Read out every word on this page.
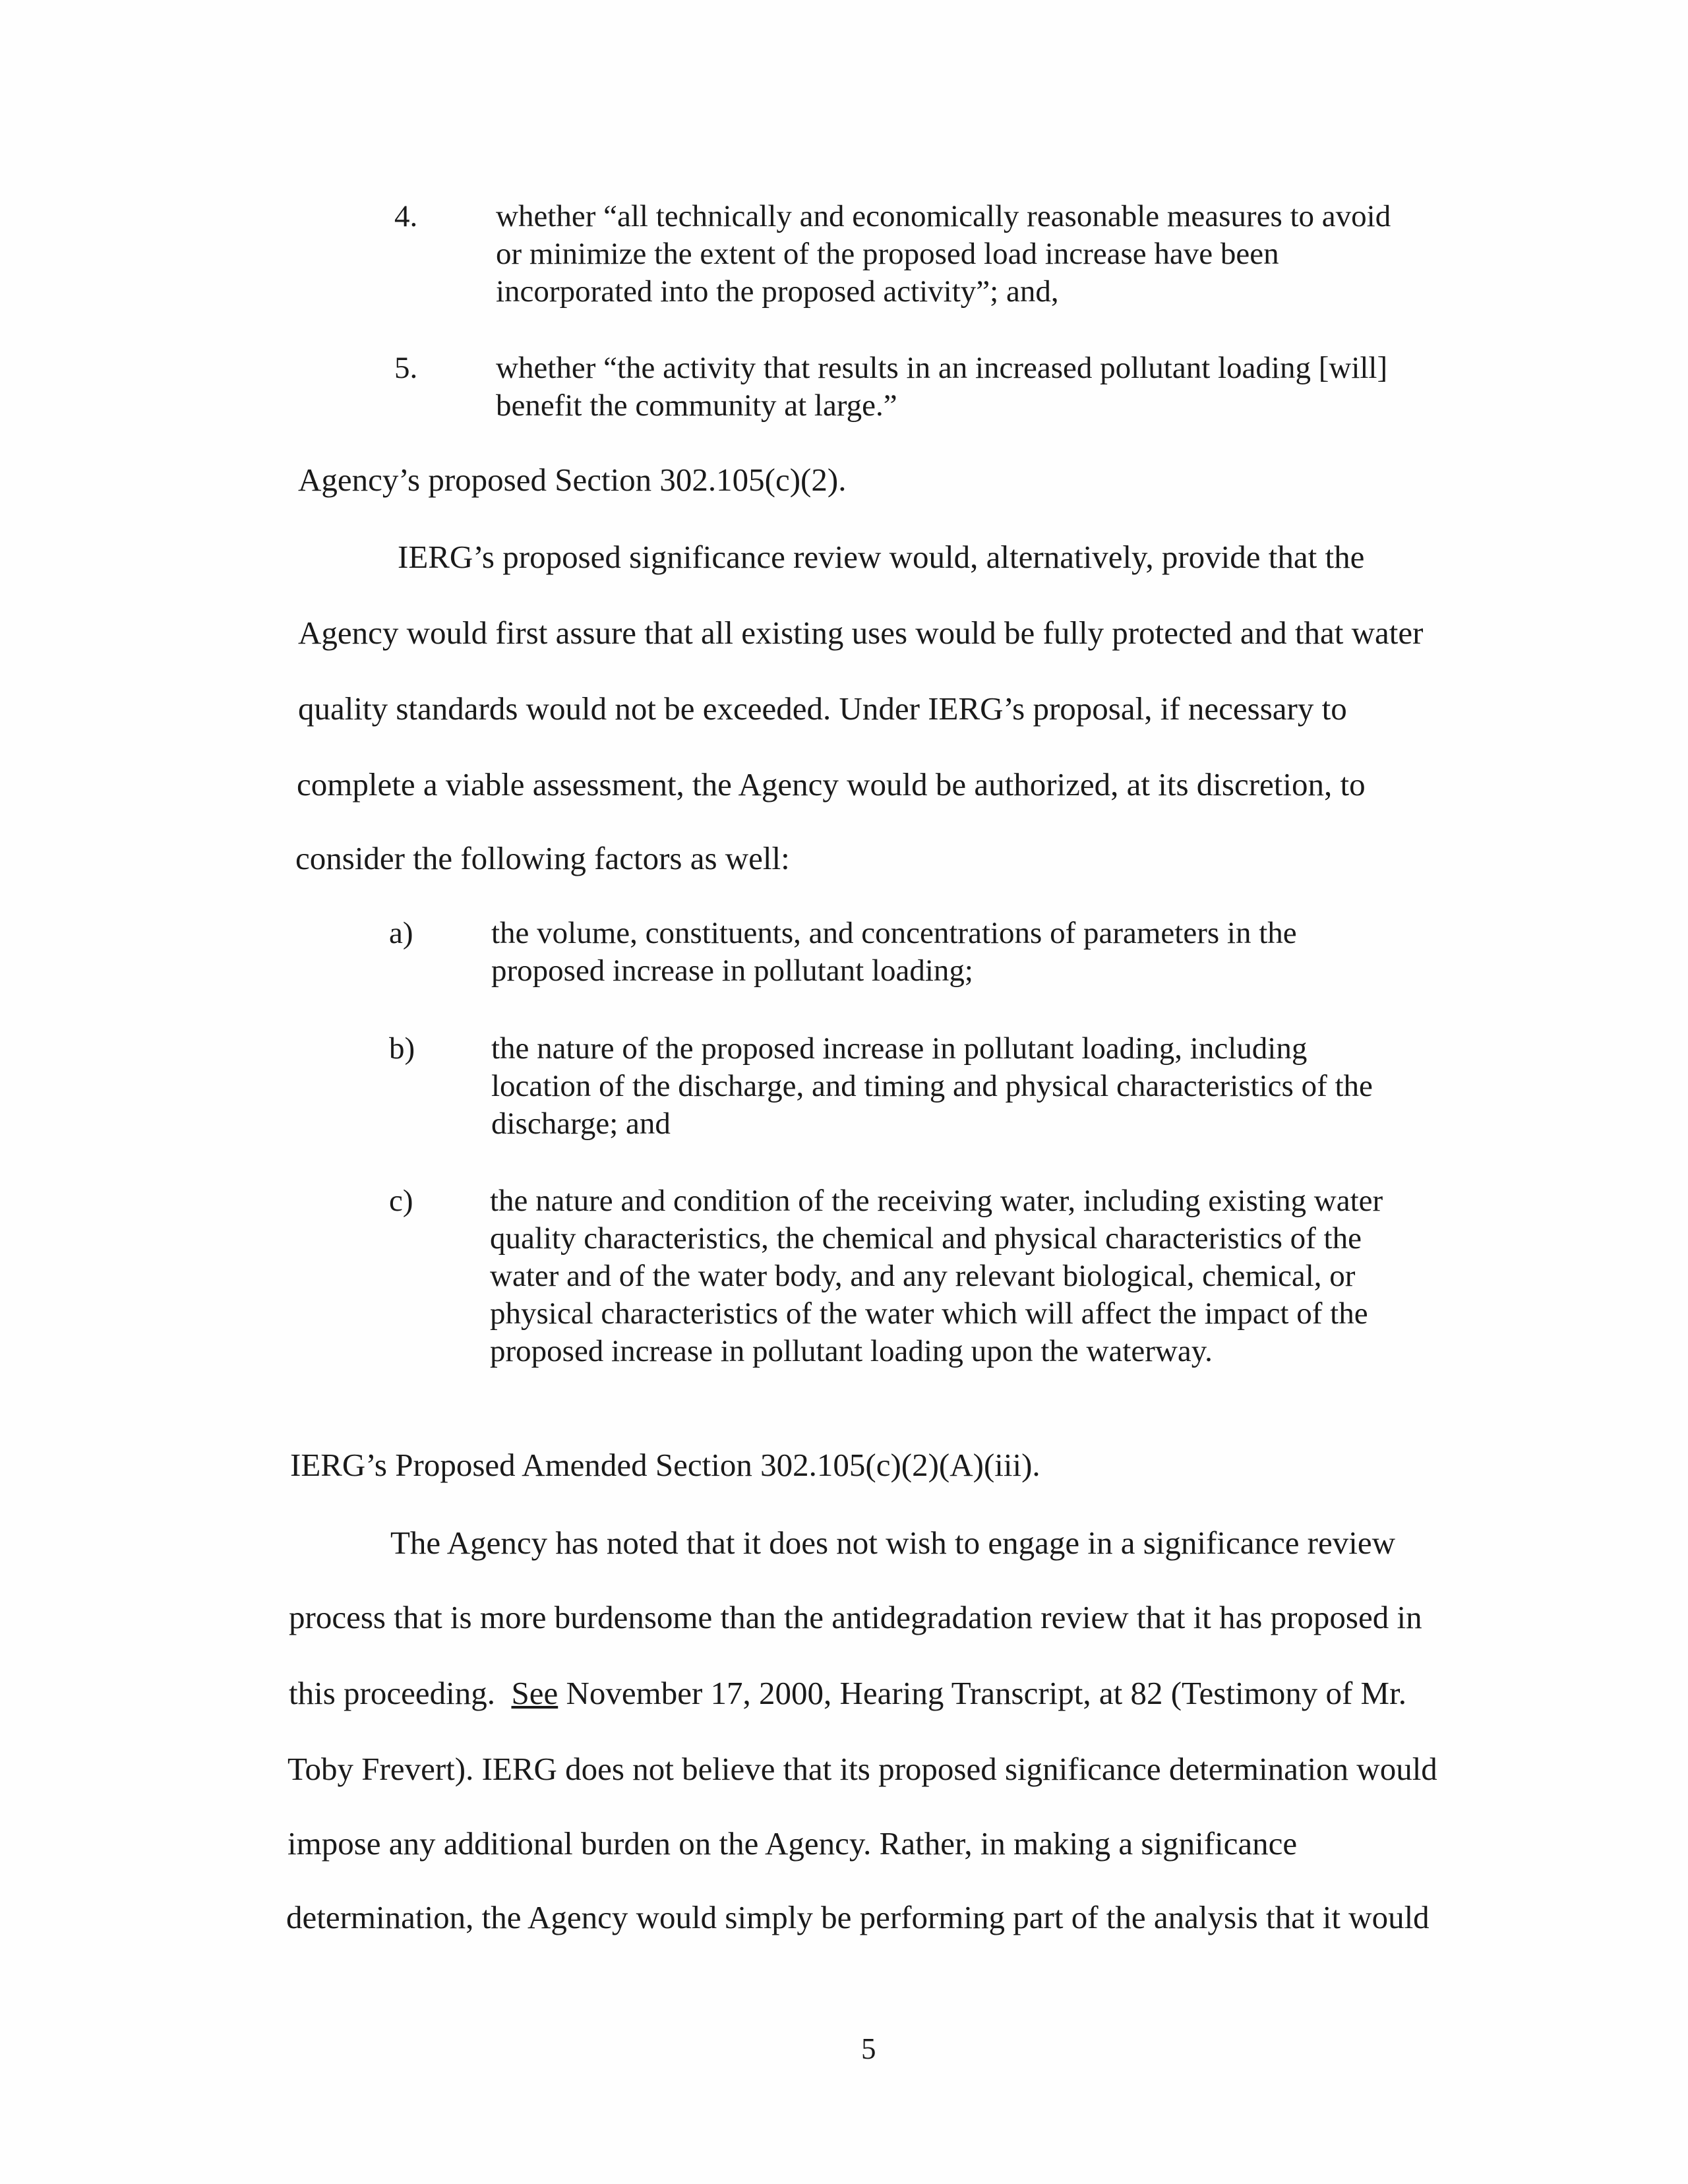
4.	whether “all technically and economically reasonable measures to avoid or minimize the extent of the proposed load increase have been incorporated into the proposed activity”; and,
5.	whether “the activity that results in an increased pollutant loading [will] benefit the community at large.”
Agency’s proposed Section 302.105(c)(2).
IERG’s proposed significance review would, alternatively, provide that the
Agency would first assure that all existing uses would be fully protected and that water
quality standards would not be exceeded. Under IERG’s proposal, if necessary to
complete a viable assessment, the Agency would be authorized, at its discretion, to
consider the following factors as well:
a)	the volume, constituents, and concentrations of parameters in the proposed increase in pollutant loading;
b) the nature of the proposed increase in pollutant loading, including location of the discharge, and timing and physical characteristics of the discharge; and
c) the nature and condition of the receiving water, including existing water quality characteristics, the chemical and physical characteristics of the water and of the water body, and any relevant biological, chemical, or physical characteristics of the water which will affect the impact of the proposed increase in pollutant loading upon the waterway.
IERG’s Proposed Amended Section 302.105(c)(2)(A)(iii).
The Agency has noted that it does not wish to engage in a significance review
process that is more burdensome than the antidegradation review that it has proposed in
this proceeding.  See November 17, 2000, Hearing Transcript, at 82 (Testimony of Mr.
Toby Frevert). IERG does not believe that its proposed significance determination would
impose any additional burden on the Agency. Rather, in making a significance
determination, the Agency would simply be performing part of the analysis that it would
5
